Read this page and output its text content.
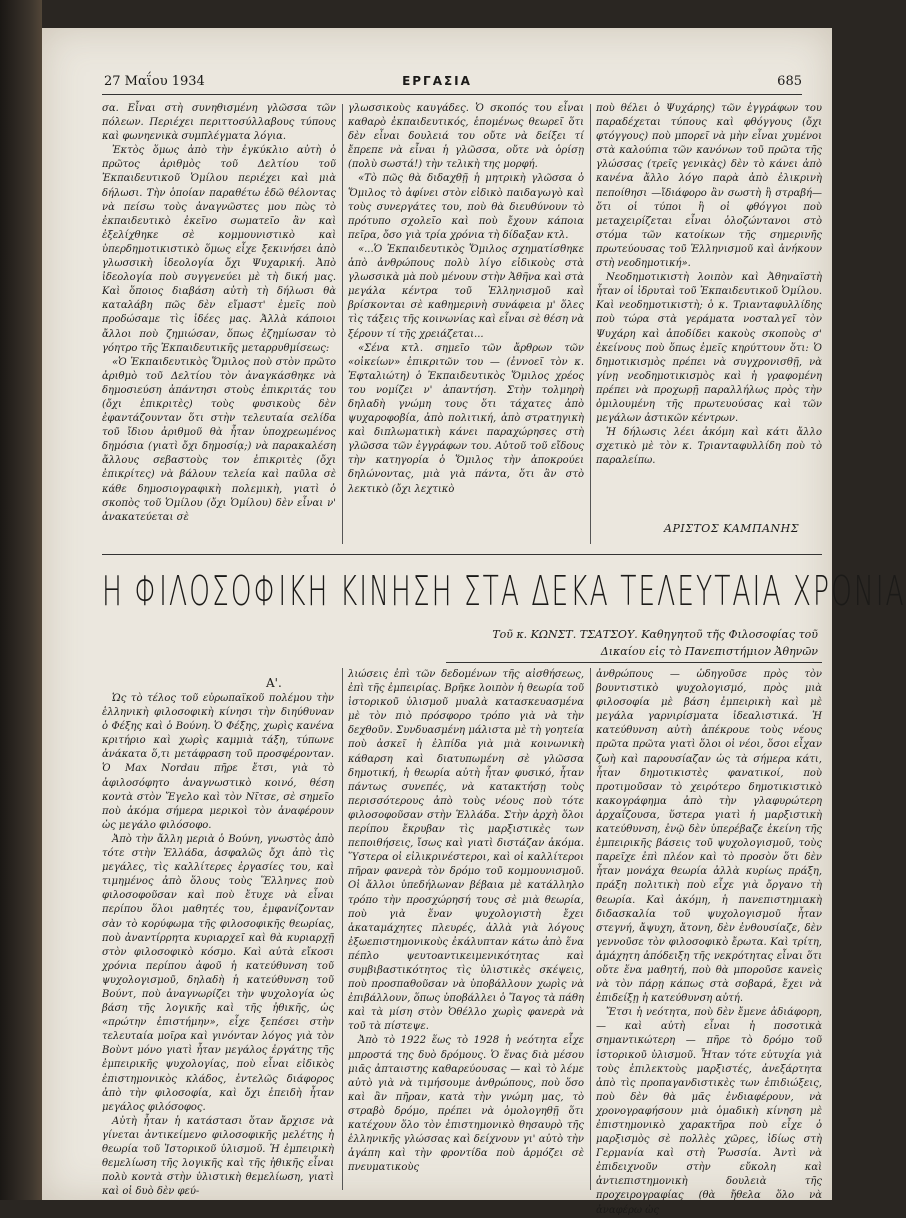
27 Μαΐου 1934	ΕΡΓΑΣΙΑ	685

σα. Εἶναι στὴ συνηθισμένη γλῶσσα τῶν πόλεων. Περιέχει περιττοσύλλαβους τύπους καὶ φωνηενικὰ συμπλέγματα λόγια.

Ἐκτὸς ὅμως ἀπὸ τὴν ἐγκύκλιο αὐτὴ ὁ πρῶτος ἀριθμὸς τοῦ Δελτίου τοῦ Ἐκπαιδευτικοῦ Ὁμίλου περιέχει καὶ μιὰ δήλωσι. Τὴν ὁποίαν παραθέτω ἐδῶ θέλοντας νὰ πείσω τοὺς ἀναγνῶστες μου πὼς τὸ ἐκπαιδευτικὸ ἐκεῖνο σωματεῖο ἂν καὶ ἐξελίχθηκε σὲ κομμουνιστικὸ καὶ ὑπερδημοτικιστικὸ ὅμως εἶχε ξεκινήσει ἀπὸ γλωσσικὴ ἰδεολογία ὄχι Ψυχαρική. Ἀπὸ ἰδεολογία ποὺ συγγενεύει μὲ τὴ δική μας. Καὶ ὅποιος διαβάση αὐτὴ τὴ δήλωσι θὰ καταλάβη πῶς δὲν εἴμαστ' ἐμεῖς ποὺ προδώσαμε τὶς ἰδέες μας. Ἀλλὰ κάποιοι ἄλλοι ποὺ ζημιώσαν, ὅπως ἐζημίωσαν τὸ γόητρο τῆς Ἐκπαιδευτικῆς μεταρρυθμίσεως:

«Ὁ Ἐκπαιδευτικὸς Ὅμιλος ποὺ στὸν πρῶτο ἀριθμὸ τοῦ Δελτίου τὸν ἀναγκάσθηκε νὰ δημοσιεύση ἀπάντησι στοὺς ἐπικριτάς του (ὄχι ἐπικριτὲς) τοὺς φυσικοὺς δὲν ἐφαντάζουνταν ὅτι στὴν τελευταία σελίδα τοῦ ἴδιου ἀριθμοῦ θὰ ἦταν ὑποχρεωμένος δημόσια (γιατὶ ὄχι δημοσίᾳ;) νὰ παρακαλέση ἄλλους σεβαστοὺς τον ἐπικριτὲς (ὄχι ἐπικρίτες) νὰ βάλουν τελεία καὶ παῦλα σὲ κάθε δημοσιογραφικὴ πολεμικὴ, γιατὶ ὁ σκοπὸς τοῦ Ὁμίλου (ὄχι Ὁμίλου) δὲν εἶναι ν' ἀνακατεύεται σὲ

γλωσσικοὺς καυγάδες. Ὁ σκοπός του εἶναι καθαρὸ ἐκπαιδευτικός, ἑπομένως θεωρεῖ ὅτι δὲν εἶναι δουλειά του οὔτε νὰ δείξει τί ἔπρεπε νὰ εἶναι ἡ γλῶσσα, οὔτε νὰ ὁρίσῃ (πολὺ σωστά!) τὴν τελικὴ της μορφή.

«Τὸ πῶς θὰ διδαχθῇ ἡ μητρικὴ γλῶσσα ὁ Ὅμιλος τὸ ἀφίνει στὸν εἰδικὸ παιδαγωγὸ καὶ τοὺς συνεργάτες του, ποὺ θὰ διευθύνουν τὸ πρότυπο σχολεῖο καὶ ποὺ ἔχουν κάποια πεῖρα, ὄσο γιὰ τρία χρόνια τὴ δίδαξαν κτλ.

«...Ὁ Ἐκπαιδευτικὸς Ὅμιλος σχηματίσθηκε ἀπὸ ἀνθρώπους πολὺ λίγο εἰδικοὺς στὰ γλωσσικὰ μὰ ποὺ μένουν στὴν Ἀθῆνα καὶ στὰ μεγάλα κέντρα τοῦ Ἑλληνισμοῦ καὶ βρίσκονται σὲ καθημερινὴ συνάφεια μ' ὅλες τὶς τάξεις τῆς κοινωνίας καὶ εἶναι σὲ θέση νὰ ξέρουν τί τῆς χρειάζεται...

«Σένα κτλ. σημεῖο τῶν ἄρθρων τῶν «οἰκείων» ἐπικριτῶν του — (ἐννοεῖ τὸν κ. Ἐφταλιώτη) ὁ Ἐκπαιδευτικὸς Ὅμιλος χρέος του νομίζει ν' ἀπαντήση. Στὴν τολμηρὴ δηλαδὴ γνώμη τους ὅτι τάχατες ἀπὸ ψυχαροφοβία, ἀπὸ πολιτική, ἀπὸ στρατηγικὴ καὶ διπλωματικὴ κάνει παραχώρησες στὴ γλῶσσα τῶν ἐγγράφων του. Αὐτοῦ τοῦ εἴδους τὴν κατηγορία ὁ Ὅμιλος τὴν ἀποκρούει δηλώνοντας, μιὰ γιὰ πάντα, ὅτι ἂν στὸ λεκτικὸ (ὄχι λεχτικὸ

ποὺ θέλει ὁ Ψυχάρης) τῶν ἐγγράφων του παραδέχεται τύπους καὶ φθόγγους (ὄχι φτόγγους) ποὺ μπορεῖ νὰ μὴν εἶναι χυμένοι στὰ καλούπια τῶν κανόνων τοῦ πρῶτα τῆς γλώσσας (τρεῖς γενικὰς) δὲν τὸ κάνει ἀπὸ κανένα ἄλλο λόγο παρὰ ἀπὸ ἐλικρινὴ πεποίθησι —ἴδιάφορο ἂν σωστὴ ἢ στραβή— ὅτι οἱ τύποι ἢ οἱ φθόγγοι ποὺ μεταχειρίζεται εἶναι ὁλοζώντανοι στὸ στόμα τῶν κατοίκων τῆς σημερινῆς πρωτεύουσας τοῦ Ἑλληνισμοῦ καὶ ἀνήκουν στὴ νεοδημοτική».

Νεοδημοτικιστὴ λοιπὸν καὶ Ἀθηναϊστὴ ἦταν οἱ ἰδρυταὶ τοῦ Ἐκπαιδευτικοῦ Ὁμίλου. Καὶ νεοδημοτικιστὴ; ὁ κ. Τριανταφυλλίδης ποὺ τώρα στὰ γεράματα νοσταλγεῖ τὸν Ψυχάρη καὶ ἀποδίδει κακοὺς σκοποὺς σ' ἐκείνους ποὺ ὅπως ἐμεῖς κηρύττουν ὅτι: Ὁ δημοτικισμὸς πρέπει νὰ συγχρονισθῇ, νὰ γίνῃ νεοδημοτικισμὸς καὶ ἡ γραφομένη πρέπει νὰ προχωρῇ παραλλήλως πρὸς τὴν ὁμιλουμένη τῆς πρωτευούσας καὶ τῶν μεγάλων ἀστικῶν κέντρων.

Ἡ δήλωσις λέει ἀκόμη καὶ κάτι ἄλλο σχετικὸ μὲ τὸν κ. Τριανταφυλλίδη ποὺ τὸ παραλείπω.

ΑΡΙΣΤΟΣ ΚΑΜΠΑΝΗΣ
Η ΦΙΛΟΣΟΦΙΚΗ ΚΙΝΗΣΗ ΣΤΑ ΔΕΚΑ ΤΕΛΕΥΤΑΙΑ ΧΡΟΝΙΑ
Τοῦ κ. ΚΩΝΣΤ. ΤΣΑΤΣΟΥ. Καθηγητοῦ τῆς Φιλοσοφίας τοῦ Δικαίου εἰς τὸ Πανεπιστήμιον Ἀθηνῶν
Α'.

Ὡς τὸ τέλος τοῦ εὐρωπαϊκοῦ πολέμου τὴν ἑλληνικὴ φιλοσοφικὴ κίνησι τὴν διηύθυναν ὁ Φέξης καὶ ὁ Βούνη. Ὁ Φέξης, χωρὶς κανένα κριτήριο καὶ χωρὶς καμμιὰ τάξη, τύπωνε ἀνάκατα ὅ,τι μετάφραση τοῦ προσφέρονταν. Ὁ Max Nordau πῆρε ἔτσι, γιὰ τὸ ἀφιλοσόφητο ἀναγνωστικὸ κοινό, θέση κοντὰ στὸν Ἔγελο καὶ τὸν Νῖτσε, σὲ σημεῖο ποὺ ἀκόμα σήμερα μερικοὶ τὸν ἀναφέρουν ὡς μεγάλο φιλόσοφο.

Ἀπὸ τὴν ἄλλη μεριὰ ὁ Βούνη, γνωστὸς ἀπὸ τότε στὴν Ἑλλάδα, ἀσφαλῶς ὄχι ἀπὸ τὶς μεγάλες, τὶς καλλίτερες ἐργασίες του, καὶ τιμημένος ἀπὸ ὅλους τοὺς Ἕλληνες ποὺ φιλοσοφοῦσαν καὶ ποὺ ἔτυχε νὰ εἶναι περίπου ὅλοι μαθητές του, ἐμφανίζονταν σὰν τὸ κορύφωμα τῆς φιλοσοφικῆς θεωρίας, ποὺ ἀναντίρρητα κυριαρχεῖ καὶ θὰ κυριαρχῇ στὸν φιλοσοφικὸ κόσμο. Καὶ αὐτὰ εἴκοσι χρόνια περίπου ἀφοῦ ἡ κατεύθυνση τοῦ ψυχολογισμοῦ, δηλαδὴ ἡ κατεύθυνση τοῦ Βούντ, ποὺ ἀναγνωρίζει τὴν ψυχολογία ὡς βάση τῆς λογικῆς καὶ τῆς ἠθικῆς, ὡς «πρώτην ἐπιστήμην», εἶχε ξεπέσει στὴν τελευταία μοῖρα καὶ γινόνταν λόγος γιὰ τὸν Βοὺντ μόνο γιατὶ ἦταν μεγάλος ἐργάτης τῆς ἐμπειρικῆς ψυχολογίας, ποὺ εἶναι εἰδικὸς ἐπιστημονικὸς κλάδος, ἐντελῶς διάφορος ἀπὸ τὴν φιλοσοφία, καὶ ὄχι ἐπειδὴ ἦταν μεγάλος φιλόσοφος.

Αὐτὴ ἦταν ἡ κατάστασι ὅταν ἄρχισε νὰ γίνεται ἀντικείμενο φιλοσοφικῆς μελέτης ἡ θεωρία τοῦ Ἱστορικοῦ ὑλισμοῦ. Ἡ ἐμπειρικὴ θεμελίωση τῆς λογικῆς καὶ τῆς ἠθικῆς εἶναι πολὺ κοντὰ στὴν ὑλιστικὴ θεμελίωση, γιατὶ καὶ οἱ δυὸ δὲν φεύ-

λιώσεις ἐπὶ τῶν δεδομένων τῆς αἰσθήσεως, ἐπὶ τῆς ἐμπειρίας. Βρῆκε λοιπὸν ἡ θεωρία τοῦ ἱστορικοῦ ὑλισμοῦ μυαλὰ κατασκευασμένα μὲ τὸν πιὸ πρόσφορο τρόπο γιὰ νὰ τὴν δεχθοῦν. Συνδυασμένη μάλιστα μὲ τὴ γοητεία ποὺ ἀσκεῖ ἡ ἐλπίδα γιὰ μιὰ κοινωνικὴ κάθαρση καὶ διατυπωμένη σὲ γλῶσσα δημοτική, ἡ θεωρία αὐτὴ ἦταν φυσικό, ἦταν πάντως συνεπές, νὰ κατακτήσῃ τοὺς περισσότερους ἀπὸ τοὺς νέους ποὺ τότε φιλοσοφοῦσαν στὴν Ἑλλάδα. Στὴν ἀρχὴ ὅλοι περίπου ἔκρυβαν τὶς μαρξιστικὲς των πεποιθήσεις, ἴσως καὶ γιατὶ διστάζαν ἀκόμα. Ὕστερα οἱ εἰλικρινέστεροι, καὶ οἱ καλλίτεροι πῆραν φανερὰ τὸν δρόμο τοῦ κομμουνισμοῦ. Οἱ ἄλλοι ὑπεδήλωναν βέβαια μὲ κατάλληλο τρόπο τὴν προσχώρησή τους σὲ μιὰ θεωρία, ποὺ γιὰ ἕναν ψυχολογιστὴ ἔχει ἀκαταμάχητες πλευρές, ἀλλὰ γιὰ λόγους ἐξωεπιστημονικοὺς ἐκάλυπταν κάτω ἀπὸ ἕνα πέπλο ψευτοαντικειμενικότητας καὶ συμβιβαστικότητος τὶς ὑλιστικὲς σκέψεις, ποὺ προσπαθοῦσαν νὰ ὑποβάλλουν χωρὶς νὰ ἐπιβάλλουν, ὅπως ὑποβάλλει ὁ Ἴαγος τὰ πάθη καὶ τὰ μίση στὸν Ὀθέλλο χωρὶς φανερὰ νὰ τοῦ τὰ πίστεψε.

Ἀπὸ τὸ 1922 ἕως τὸ 1928 ἡ νεότητα εἶχε μπροστά της δυὸ δρόμους. Ὁ ἕνας διὰ μέσου μιᾶς ἀπταιστης καθαρεύουσας — καὶ τὸ λέμε αὐτὸ γιὰ νὰ τιμήσουμε ἀνθρώπους, ποὺ ὅσο καὶ ἂν πῆραν, κατὰ τὴν γνώμη μας, τὸ στραβὸ δρόμο, πρέπει νὰ ὁμολογηθῇ ὅτι κατέχουν ὅλο τὸν ἐπιστημονικὸ θησαυρὸ τῆς ἑλληνικῆς γλώσσας καὶ δείχνουν γι' αὐτὸ τὴν ἀγάπη καὶ τὴν φροντίδα ποὺ ἁρμόζει σὲ πνευματικοὺς

ἀνθρώπους — ὡδηγοῦσε πρὸς τὸν βουντιστικὸ ψυχολογισμό, πρὸς μιὰ φιλοσοφία μὲ βάση ἐμπειρικὴ καὶ μὲ μεγάλα γαρνιρίσματα ἰδεαλιστικά. Ἡ κατεύθυνση αὐτὴ ἀπέκρουε τοὺς νέους πρῶτα πρῶτα γιατὶ ὅλοι οἱ νέοι, ὅσοι εἶχαν ζωὴ καὶ παρουσίαζαν ὡς τὰ σήμερα κάτι, ἦταν δημοτικιστὲς φανατικοί, ποὺ προτιμοῦσαν τὸ χειρότερο δημοτικιστικὸ κακογράφημα ἀπὸ τὴν γλαφυρώτερη ἀρχαΐζουσα, ὕστερα γιατὶ ἡ μαρξιστικὴ κατεύθυνση, ἐνῷ δὲν ὑπερέβαζε ἐκείνη τῆς ἐμπειρικῆς βάσεις τοῦ ψυχολογισμοῦ, τοὺς παρεῖχε ἐπὶ πλέον καὶ τὸ προσὸν ὅτι δὲν ἦταν μονάχα θεωρία ἀλλὰ κυρίως πράξη, πράξη πολιτικὴ ποὺ εἶχε γιὰ ὄργανο τὴ θεωρία. Καὶ ἀκόμη, ἡ πανεπιστημιακὴ διδασκαλία τοῦ ψυχολογισμοῦ ἦταν στεγνή, ἄψυχη, ἄτονη, δὲν ἐνθουσίαζε, δὲν γεννοῦσε τὸν φιλοσοφικὸ ἔρωτα. Καὶ τρίτη, ἀμάχητη ἀπόδειξη τῆς νεκρότητας εἶναι ὅτι οὔτε ἕνα μαθητή, ποὺ θὰ μποροῦσε κανεὶς νὰ τὸν πάρῃ κάπως στὰ σοβαρά, ἔχει νὰ ἐπιδείξῃ ἡ κατεύθυνση αὐτή.

Ἔτσι ἡ νεότητα, ποὺ δὲν ἔμενε ἀδιάφορη, — καὶ αὐτὴ εἶναι ἡ ποσοτικὰ σημαντικώτερη — πῆρε τὸ δρόμο τοῦ ἱστορικοῦ ὑλισμοῦ. Ἦταν τότε εὐτυχία γιὰ τοὺς ἐπιλεκτοὺς μαρξιστές, ἀνεξάρτητα ἀπὸ τὶς προπαγανδιστικὲς των ἐπιδιώξεις, ποὺ δὲν θὰ μᾶς ἐνδιαφέρουν, νὰ χρονογραφήσουν μιὰ ὁμαδικὴ κίνηση μὲ ἐπιστημονικὸ χαρακτῆρα ποὺ εἶχε ὁ μαρξισμὸς σὲ πολλὲς χῶρες, ἰδίως στὴ Γερμανία καὶ στὴ Ῥωσσία. Ἀντὶ νὰ ἐπιδειχνοῦν στὴν εὔκολη καὶ ἀντιεπιστημονικὴ δουλειὰ τῆς προχειρογραφίας (θὰ ἤθελα ὅλο νὰ ἀναφέρω ὡς
